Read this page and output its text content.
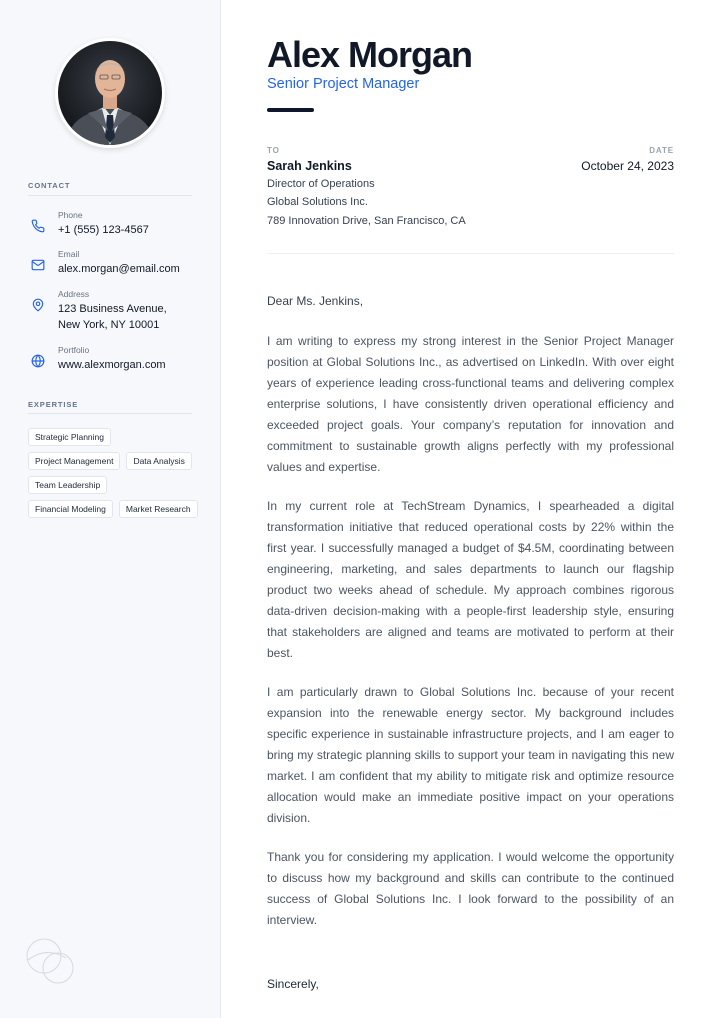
CONTACT
Phone
+1 (555) 123-4567
Email
alex.morgan@email.com
Address
123 Business Avenue,
New York, NY 10001
Portfolio
www.alexmorgan.com
EXPERTISE
Strategic Planning
Project Management	Data Analysis
Team Leadership
Financial Modeling	Market Research
Alex Morgan
Senior Project Manager
TO	DATE
Sarah Jenkins	October 24, 2023
Director of Operations
Global Solutions Inc.
789 Innovation Drive, San Francisco, CA
Dear Ms. Jenkins,

I am writing to express my strong interest in the Senior Project Manager position at Global Solutions Inc., as advertised on LinkedIn. With over eight years of experience leading cross-functional teams and delivering complex enterprise solutions, I have consistently driven operational efficiency and exceeded project goals. Your company’s reputation for innovation and commitment to sustainable growth aligns perfectly with my professional values and expertise.

In my current role at TechStream Dynamics, I spearheaded a digital transformation initiative that reduced operational costs by 22% within the first year. I successfully managed a budget of $4.5M, coordinating between engineering, marketing, and sales departments to launch our flagship product two weeks ahead of schedule. My approach combines rigorous data-driven decision-making with a people-first leadership style, ensuring that stakeholders are aligned and teams are motivated to perform at their best.

I am particularly drawn to Global Solutions Inc. because of your recent expansion into the renewable energy sector. My background includes specific experience in sustainable infrastructure projects, and I am eager to bring my strategic planning skills to support your team in navigating this new market. I am confident that my ability to mitigate risk and optimize resource allocation would make an immediate positive impact on your operations division.

Thank you for considering my application. I would welcome the opportunity to discuss how my background and skills can contribute to the continued success of Global Solutions Inc. I look forward to the possibility of an interview.

Sincerely,
